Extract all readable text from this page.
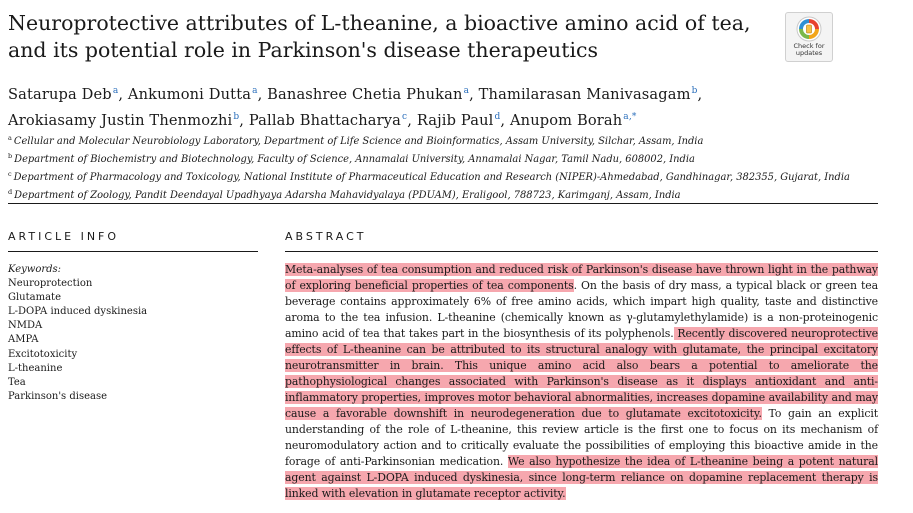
Neuroprotective attributes of L-theanine, a bioactive amino acid of tea, and its potential role in Parkinson's disease therapeutics	Check for
updates
Satarupa Deb$^a$, Ankumoni Dutta$^a$, Banashree Chetia Phukan$^a$, Thamilarasan Manivasagam$^b$,
Arokiasamy Justin Thenmozhi$^b$, Pallab Bhattacharya$^c$, Rajib Paul$^d$, Anupom Borah$^{a,*}$
$^a$ Cellular and Molecular Neurobiology Laboratory, Department of Life Science and Bioinformatics, Assam University, Silchar, Assam, India
$^b$ Department of Biochemistry and Biotechnology, Faculty of Science, Annamalai University, Annamalai Nagar, Tamil Nadu, 608002, India
$^c$ Department of Pharmacology and Toxicology, National Institute of Pharmaceutical Education and Research (NIPER)-Ahmedabad, Gandhinagar, 382355, Gujarat, India
$^d$ Department of Zoology, Pandit Deendayal Upadhyaya Adarsha Mahavidyalaya (PDUAM), Eraligool, 788723, Karimganj, Assam, India
ARTICLE INFO	ABSTRACT
Keywords:
Neuroprotection
Glutamate
L-DOPA induced dyskinesia
NMDA
AMPA
Excitotoxicity
L-theanine
Tea
Parkinson's disease
Meta-analyses of tea consumption and reduced risk of Parkinson's disease have thrown light in the pathway of exploring beneficial properties of tea components. On the basis of dry mass, a typical black or green tea beverage contains approximately 6% of free amino acids, which impart high quality, taste and distinctive aroma to the tea infusion. L-theanine (chemically known as γ-glutamylethylamide) is a non-proteinogenic amino acid of tea that takes part in the biosynthesis of its polyphenols. Recently discovered neuroprotective effects of L-theanine can be attributed to its structural analogy with glutamate, the principal excitatory neurotransmitter in brain. This unique amino acid also bears a potential to ameliorate the pathophysiological changes associated with Parkinson's disease as it displays antioxidant and anti-inflammatory properties, improves motor behavioral abnormalities, increases dopamine availability and may cause a favorable downshift in neurodegeneration due to glutamate excitotoxicity. To gain an explicit understanding of the role of L-theanine, this review article is the first one to focus on its mechanism of neuromodulatory action and to critically evaluate the possibilities of employing this bioactive amide in the forage of anti-Parkinsonian medication. We also hypothesize the idea of L-theanine being a potent natural agent against L-DOPA induced dyskinesia, since long-term reliance on dopamine replacement therapy is linked with elevation in glutamate receptor activity.
